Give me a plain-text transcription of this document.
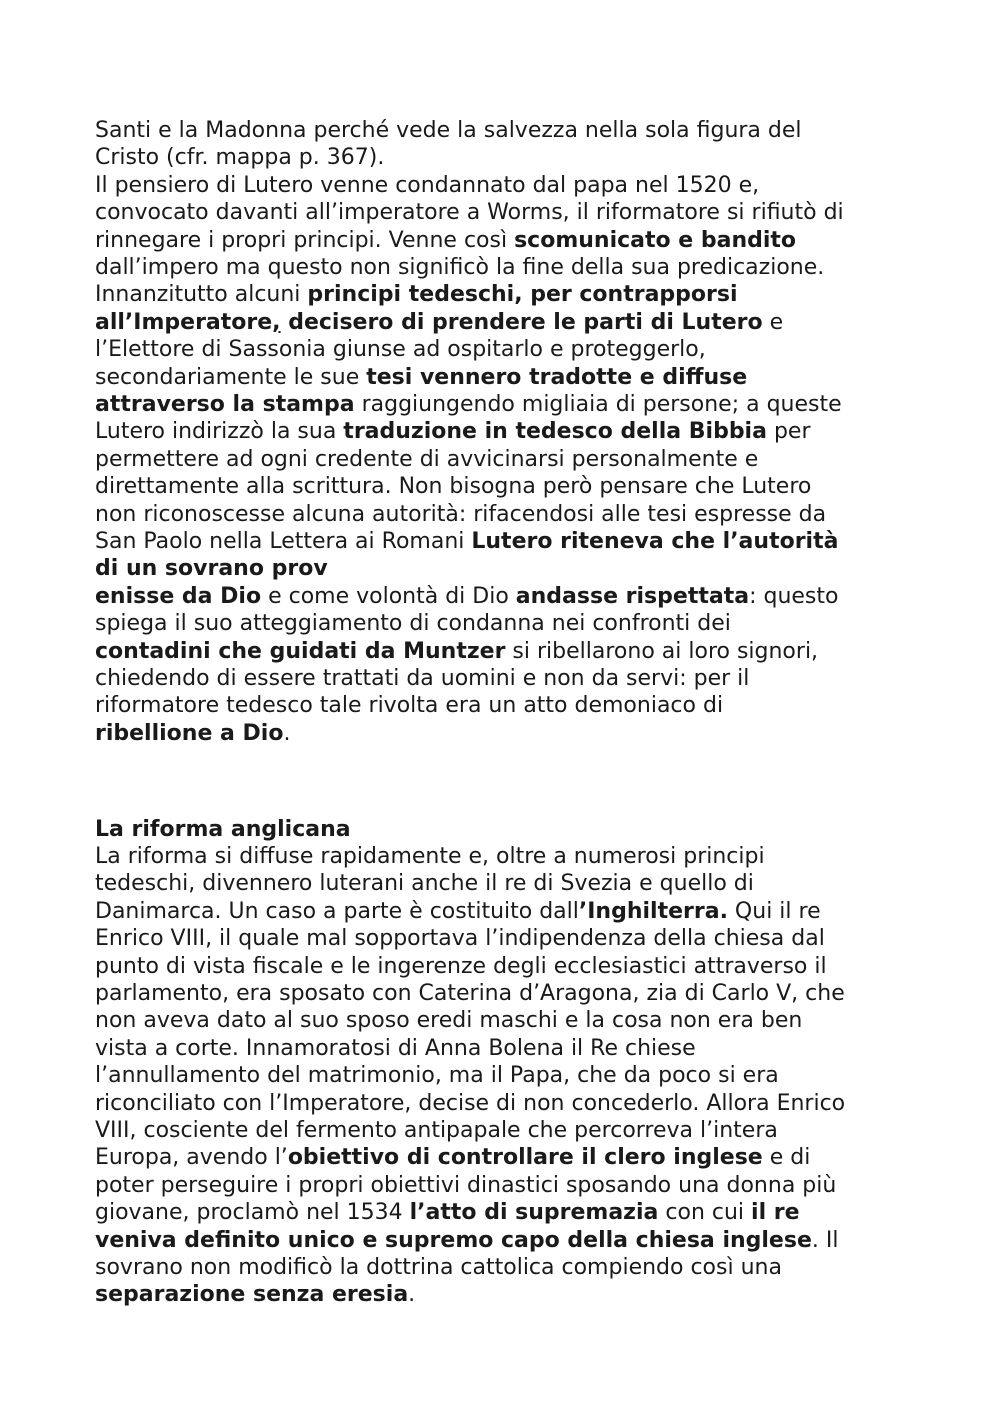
Santi e la Madonna perché vede la salvezza nella sola figura del
Cristo (cfr. mappa p. 367).
Il pensiero di Lutero venne condannato dal papa nel 1520 e,
convocato davanti all’imperatore a Worms, il riformatore si rifiutò di
rinnegare i propri principi. Venne così scomunicato e bandito
dall’impero ma questo non significò la fine della sua predicazione.
Innanzitutto alcuni principi tedeschi, per contrapporsi
all’Imperatore, decisero di prendere le parti di Lutero e
l’Elettore di Sassonia giunse ad ospitarlo e proteggerlo,
secondariamente le sue tesi vennero tradotte e diffuse
attraverso la stampa raggiungendo migliaia di persone; a queste
Lutero indirizzò la sua traduzione in tedesco della Bibbia per
permettere ad ogni credente di avvicinarsi personalmente e
direttamente alla scrittura. Non bisogna però pensare che Lutero
non riconoscesse alcuna autorità: rifacendosi alle tesi espresse da
San Paolo nella Lettera ai Romani Lutero riteneva che l’autorità
di un sovrano prov
enisse da Dio e come volontà di Dio andasse rispettata: questo
spiega il suo atteggiamento di condanna nei confronti dei
contadini che guidati da Muntzer si ribellarono ai loro signori,
chiedendo di essere trattati da uomini e non da servi: per il
riformatore tedesco tale rivolta era un atto demoniaco di
ribellione a Dio.
La riforma anglicana
La riforma si diffuse rapidamente e, oltre a numerosi principi
tedeschi, divennero luterani anche il re di Svezia e quello di
Danimarca. Un caso a parte è costituito dall’Inghilterra. Qui il re
Enrico VIII, il quale mal sopportava l’indipendenza della chiesa dal
punto di vista fiscale e le ingerenze degli ecclesiastici attraverso il
parlamento, era sposato con Caterina d’Aragona, zia di Carlo V, che
non aveva dato al suo sposo eredi maschi e la cosa non era ben
vista a corte. Innamoratosi di Anna Bolena il Re chiese
l’annullamento del matrimonio, ma il Papa, che da poco si era
riconciliato con l’Imperatore, decise di non concederlo. Allora Enrico
VIII, cosciente del fermento antipapale che percorreva l’intera
Europa, avendo l’obiettivo di controllare il clero inglese e di
poter perseguire i propri obiettivi dinastici sposando una donna più
giovane, proclamò nel 1534 l’atto di supremazia con cui il re
veniva definito unico e supremo capo della chiesa inglese. Il
sovrano non modificò la dottrina cattolica compiendo così una
separazione senza eresia.
